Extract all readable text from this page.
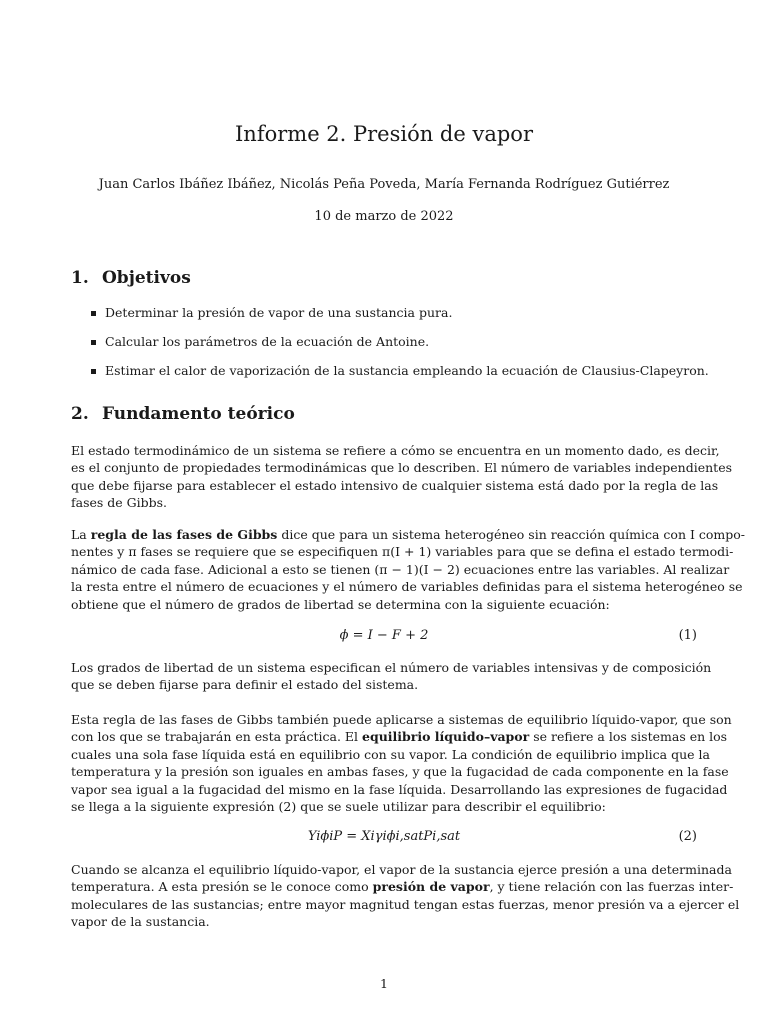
Informe 2. Presión de vapor
Juan Carlos Ibáñez Ibáñez, Nicolás Peña Poveda, María Fernanda Rodríguez Gutiérrez
10 de marzo de 2022
1. Objetivos
Determinar la presión de vapor de una sustancia pura.
Calcular los parámetros de la ecuación de Antoine.
Estimar el calor de vaporización de la sustancia empleando la ecuación de Clausius-Clapeyron.
2. Fundamento teórico
El estado termodinámico de un sistema se refiere a cómo se encuentra en un momento dado, es decir,
es el conjunto de propiedades termodinámicas que lo describen. El número de variables independientes
que debe fijarse para establecer el estado intensivo de cualquier sistema está dado por la regla de las
fases de Gibbs.
La regla de las fases de Gibbs dice que para un sistema heterogéneo sin reacción química con I compo-
nentes y π fases se requiere que se especifiquen π(I + 1) variables para que se defina el estado termodi-
námico de cada fase. Adicional a esto se tienen (π − 1)(I − 2) ecuaciones entre las variables. Al realizar
la resta entre el número de ecuaciones y el número de variables definidas para el sistema heterogéneo se
obtiene que el número de grados de libertad se determina con la siguiente ecuación:
ϕ = I − F + 2	(1)
Los grados de libertad de un sistema especifican el número de variables intensivas y de composición
que se deben fijarse para definir el estado del sistema.
Esta regla de las fases de Gibbs también puede aplicarse a sistemas de equilibrio líquido-vapor, que son
con los que se trabajarán en esta práctica. El equilibrio líquido–vapor se refiere a los sistemas en los
cuales una sola fase líquida está en equilibrio con su vapor. La condición de equilibrio implica que la
temperatura y la presión son iguales en ambas fases, y que la fugacidad de cada componente en la fase
vapor sea igual a la fugacidad del mismo en la fase líquida. Desarrollando las expresiones de fugacidad
se llega a la siguiente expresión (2) que se suele utilizar para describir el equilibrio:
YiϕiP = Xiγiϕi,satPi,sat	(2)
Cuando se alcanza el equilibrio líquido-vapor, el vapor de la sustancia ejerce presión a una determinada
temperatura. A esta presión se le conoce como presión de vapor, y tiene relación con las fuerzas inter-
moleculares de las sustancias; entre mayor magnitud tengan estas fuerzas, menor presión va a ejercer el
vapor de la sustancia.
1
